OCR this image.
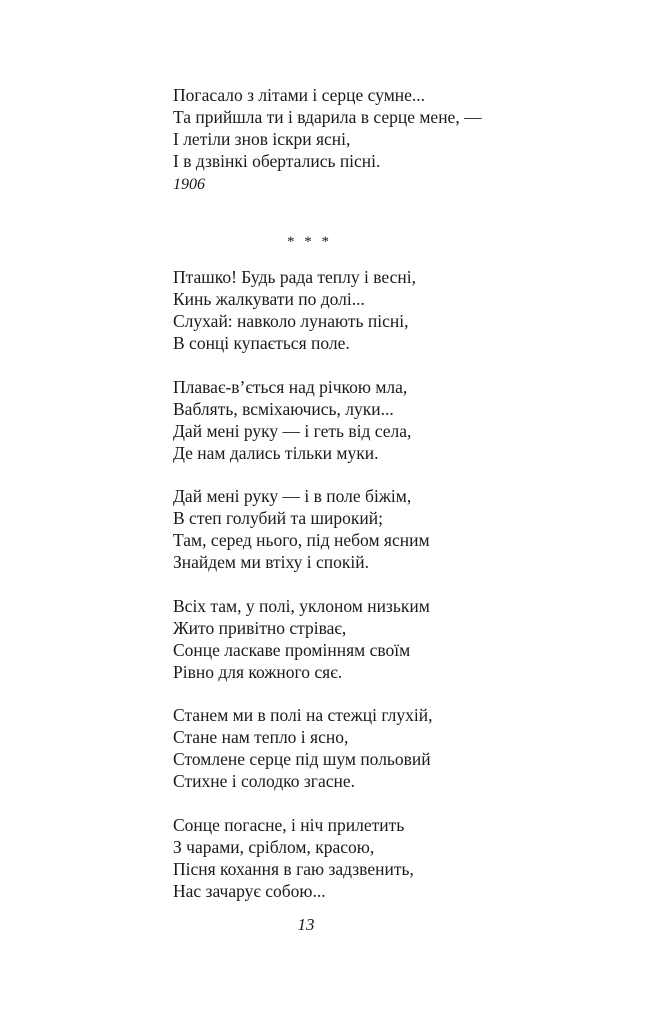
Погасало з літами і серце сумне...
Та прийшла ти і вдарила в серце мене, —
І летіли знов іскри ясні,
І в дзвінкі обертались пісні.
1906
* * *
Пташко! Будь рада теплу і весні,
Кинь жалкувати по долі...
Слухай: навколо лунають пісні,
В сонці купається поле.
Плаває-в’ється над річкою мла,
Ваблять, всміхаючись, луки...
Дай мені руку — і геть від села,
Де нам дались тільки муки.
Дай мені руку — і в поле біжім,
В степ голубий та широкий;
Там, серед нього, під небом ясним
Знайдем ми втіху і спокій.
Всіх там, у полі, уклоном низьким
Жито привітно стріває,
Сонце ласкаве промінням своїм
Рівно для кожного сяє.
Станем ми в полі на стежці глухій,
Стане нам тепло і ясно,
Стомлене серце під шум польовий
Стихне і солодко згасне.
Сонце погасне, і ніч прилетить
З чарами, сріблом, красою,
Пісня кохання в гаю задзвенить,
Нас зачарує собою...
13
